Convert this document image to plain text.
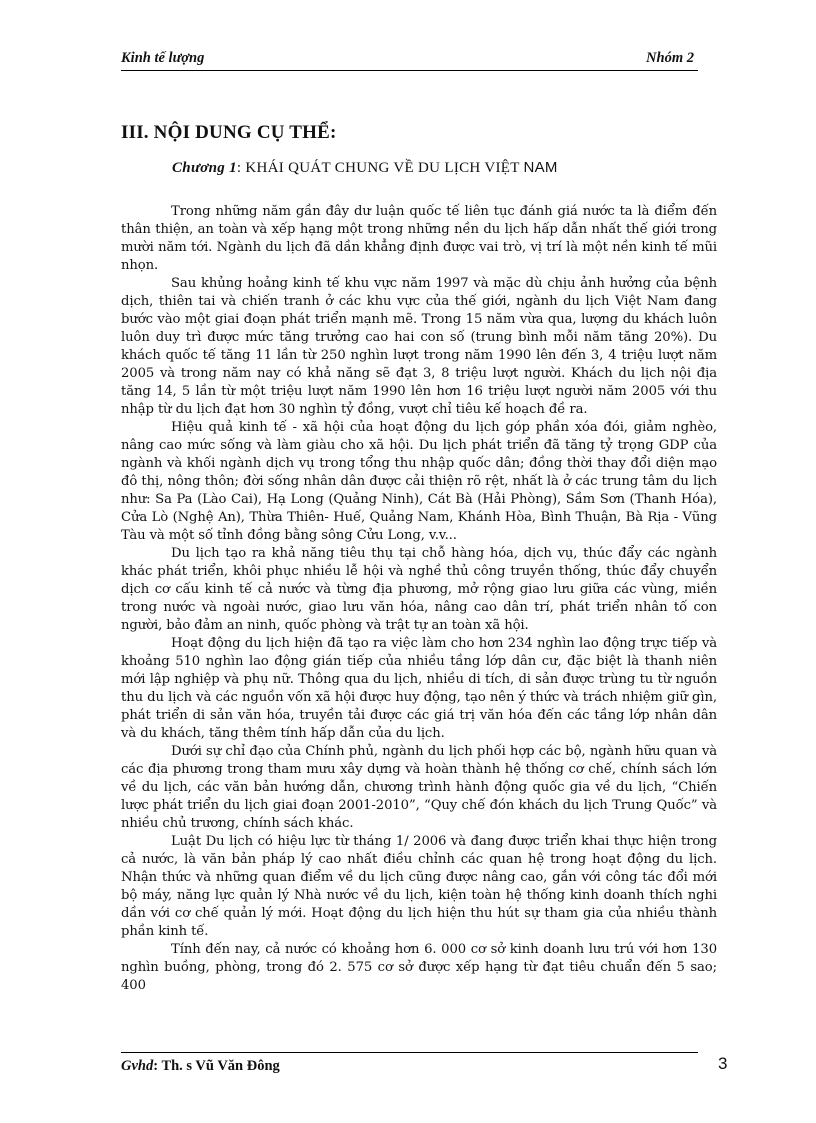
Kinh tế lượng	Nhóm 2
III. NỘI DUNG CỤ THỂ:
Chương 1: KHÁI QUÁT CHUNG VỀ DU LỊCH VIỆT NAM

Trong những năm gần đây dư luận quốc tế liên tục đánh giá nước ta là điểm đến thân thiện, an toàn và xếp hạng một trong những nền du lịch hấp dẫn nhất thế giới trong mười năm tới. Ngành du lịch đã dần khẳng định được vai trò, vị trí là một nền kinh tế mũi nhọn.

Sau khủng hoảng kinh tế khu vực năm 1997 và mặc dù chịu ảnh hưởng của bệnh dịch, thiên tai và chiến tranh ở các khu vực của thế giới, ngành du lịch Việt Nam đang bước vào một giai đoạn phát triển mạnh mẽ. Trong 15 năm vừa qua, lượng du khách luôn luôn duy trì được mức tăng trưởng cao hai con số (trung bình mỗi năm tăng 20%). Du khách quốc tế tăng 11 lần từ 250 nghìn lượt trong năm 1990 lên đến 3, 4 triệu lượt năm 2005 và trong năm nay có khả năng sẽ đạt 3, 8 triệu lượt người. Khách du lịch nội địa tăng 14, 5 lần từ một triệu lượt năm 1990 lên hơn 16 triệu lượt người năm 2005 với thu nhập từ du lịch đạt hơn 30 nghìn tỷ đồng, vượt chỉ tiêu kế hoạch đề ra.

Hiệu quả kinh tế - xã hội của hoạt động du lịch góp phần xóa đói, giảm nghèo, nâng cao mức sống và làm giàu cho xã hội. Du lịch phát triển đã tăng tỷ trọng GDP của ngành và khối ngành dịch vụ trong tổng thu nhập quốc dân; đồng thời thay đổi diện mạo đô thị, nông thôn; đời sống nhân dân được cải thiện rõ rệt, nhất là ở các trung tâm du lịch như: Sa Pa (Lào Cai), Hạ Long (Quảng Ninh), Cát Bà (Hải Phòng), Sầm Sơn (Thanh Hóa), Cửa Lò (Nghệ An), Thừa Thiên- Huế, Quảng Nam, Khánh Hòa, Bình Thuận, Bà Rịa - Vũng Tàu và một số tỉnh đồng bằng sông Cửu Long, v.v...

Du lịch tạo ra khả năng tiêu thụ tại chỗ hàng hóa, dịch vụ, thúc đẩy các ngành khác phát triển, khôi phục nhiều lễ hội và nghề thủ công truyền thống, thúc đẩy chuyển dịch cơ cấu kinh tế cả nước và từng địa phương, mở rộng giao lưu giữa các vùng, miền trong nước và ngoài nước, giao lưu văn hóa, nâng cao dân trí, phát triển nhân tố con người, bảo đảm an ninh, quốc phòng và trật tự an toàn xã hội.

Hoạt động du lịch hiện đã tạo ra việc làm cho hơn 234 nghìn lao động trực tiếp và khoảng 510 nghìn lao động gián tiếp của nhiều tầng lớp dân cư, đặc biệt là thanh niên mới lập nghiệp và phụ nữ. Thông qua du lịch, nhiều di tích, di sản được trùng tu từ nguồn thu du lịch và các nguồn vốn xã hội được huy động, tạo nên ý thức và trách nhiệm giữ gìn, phát triển di sản văn hóa, truyền tải được các giá trị văn hóa đến các tầng lớp nhân dân và du khách, tăng thêm tính hấp dẫn của du lịch.

Dưới sự chỉ đạo của Chính phủ, ngành du lịch phối hợp các bộ, ngành hữu quan và các địa phương trong tham mưu xây dựng và hoàn thành hệ thống cơ chế, chính sách lớn về du lịch, các văn bản hướng dẫn, chương trình hành động quốc gia về du lịch, “Chiến lược phát triển du lịch giai đoạn 2001-2010”, “Quy chế đón khách du lịch Trung Quốc” và nhiều chủ trương, chính sách khác.

Luật Du lịch có hiệu lực từ tháng 1/ 2006 và đang được triển khai thực hiện trong cả nước, là văn bản pháp lý cao nhất điều chỉnh các quan hệ trong hoạt động du lịch. Nhận thức và những quan điểm về du lịch cũng được nâng cao, gắn với công tác đổi mới bộ máy, năng lực quản lý Nhà nước về du lịch, kiện toàn hệ thống kinh doanh thích nghi dần với cơ chế quản lý mới. Hoạt động du lịch hiện thu hút sự tham gia của nhiều thành phần kinh tế.

Tính đến nay, cả nước có khoảng hơn 6. 000 cơ sở kinh doanh lưu trú với hơn 130 nghìn buồng, phòng, trong đó 2. 575 cơ sở được xếp hạng từ đạt tiêu chuẩn đến 5 sao; 400

Gvhd: Th. s Vũ Văn Đông	3
